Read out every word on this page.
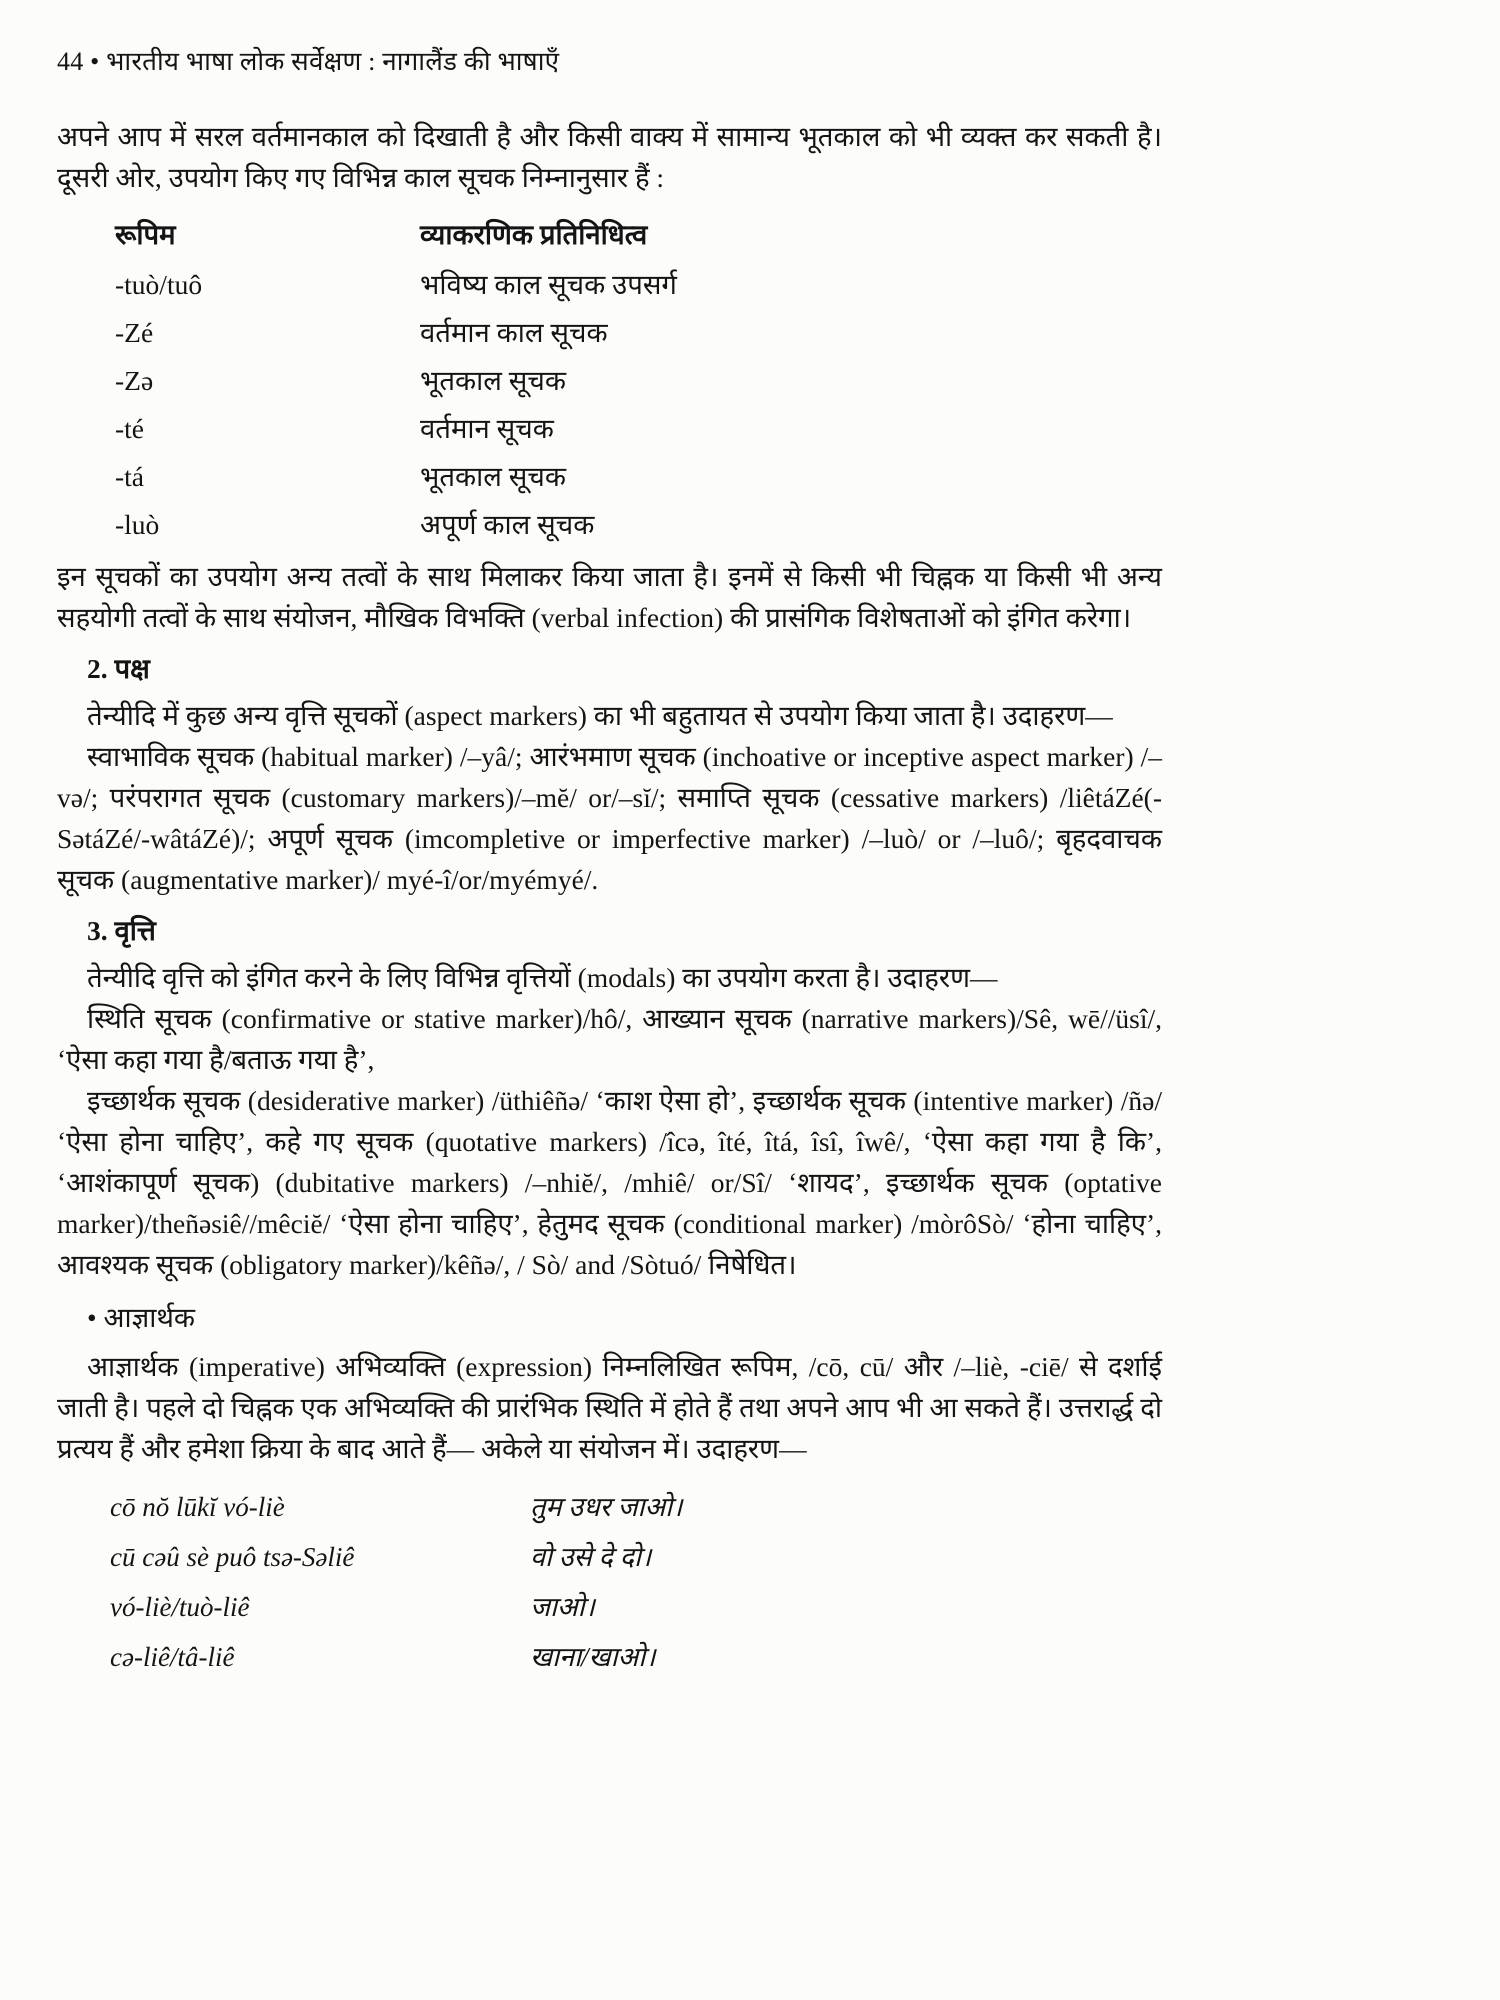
44 • भारतीय भाषा लोक सर्वेक्षण : नागालैंड की भाषाएँ

अपने आप में सरल वर्तमानकाल को दिखाती है और किसी वाक्य में सामान्य भूतकाल को भी व्यक्त कर सकती है। दूसरी ओर, उपयोग किए गए विभिन्न काल सूचक निम्नानुसार हैं :

रूपिम	व्याकरणिक प्रतिनिधित्व
-tuò/tuô	भविष्य काल सूचक उपसर्ग
-Zé	वर्तमान काल सूचक
-Zə	भूतकाल सूचक
-té	वर्तमान सूचक
-tá	भूतकाल सूचक
-luò	अपूर्ण काल सूचक

इन सूचकों का उपयोग अन्य तत्वों के साथ मिलाकर किया जाता है। इनमें से किसी भी चिह्नक या किसी भी अन्य सहयोगी तत्वों के साथ संयोजन, मौखिक विभक्ति (verbal infection) की प्रासंगिक विशेषताओं को इंगित करेगा।

2. पक्ष

तेन्यीदि में कुछ अन्य वृत्ति सूचकों (aspect markers) का भी बहुतायत से उपयोग किया जाता है। उदाहरण—

स्वाभाविक सूचक (habitual marker) /–yâ/; आरंभमाण सूचक (inchoative or inceptive aspect marker) /–və/; परंपरागत सूचक (customary markers)/–mĕ/ or/–sĭ/; समाप्ति सूचक (cessative markers) /liêtáZé(-SətáZé/-wâtáZé)/; अपूर्ण सूचक (imcompletive or imperfective marker) /–luò/ or /–luô/; बृहदवाचक सूचक (augmentative marker)/ myé-î/or/myémyé/.

3. वृत्ति

तेन्यीदि वृत्ति को इंगित करने के लिए विभिन्न वृत्तियों (modals) का उपयोग करता है। उदाहरण—

स्थिति सूचक (confirmative or stative marker)/hô/, आख्यान सूचक (narrative markers)/Sê, wē//üsî/, ‘ऐसा कहा गया है/बताऊ गया है’,

इच्छार्थक सूचक (desiderative marker) /üthiêñə/ ‘काश ऐसा हो’, इच्छार्थक सूचक (intentive marker) /ñə/ ‘ऐसा होना चाहिए’, कहे गए सूचक (quotative markers) /îcə, îté, îtá, îsî, îwê/, ‘ऐसा कहा गया है कि’, ‘आशंकापूर्ण सूचक) (dubitative markers) /–nhiĕ/, /mhiê/ or/Sî/ ‘शायद’, इच्छार्थक सूचक (optative marker)/theñəsiê//mêciĕ/ ‘ऐसा होना चाहिए’, हेतुमद सूचक (conditional marker) /mòrôSò/ ‘होना चाहिए’, आवश्यक सूचक (obligatory marker)/kêñə/, / Sò/ and /Sòtuó/ निषेधित।

• आज्ञार्थक

आज्ञार्थक (imperative) अभिव्यक्ति (expression) निम्नलिखित रूपिम, /cō, cū/ और /–liè, -ciē/ से दर्शाई जाती है। पहले दो चिह्नक एक अभिव्यक्ति की प्रारंभिक स्थिति में होते हैं तथा अपने आप भी आ सकते हैं। उत्तरार्द्ध दो प्रत्यय हैं और हमेशा क्रिया के बाद आते हैं— अकेले या संयोजन में। उदाहरण—

cō nŏ lūkĭ vó-liè	तुम उधर जाओ।
cū cəû sè puô tsə-Səliê	वो उसे दे दो।
vó-liè/tuò-liê	जाओ।
cə-liê/tâ-liê	खाना/खाओ।
